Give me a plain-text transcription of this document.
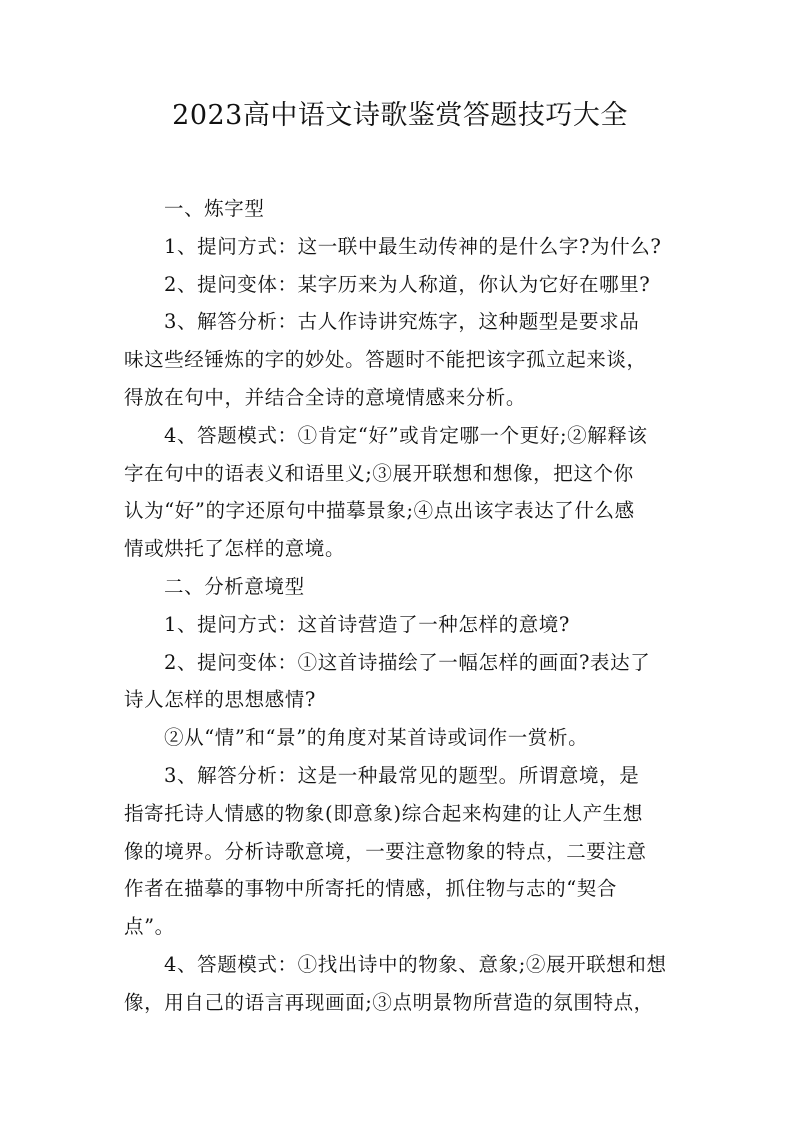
2023高中语文诗歌鉴赏答题技巧大全
一、炼字型
1、提问方式：这一联中最生动传神的是什么字?为什么?
2、提问变体：某字历来为人称道，你认为它好在哪里?
3、解答分析：古人作诗讲究炼字，这种题型是要求品
味这些经锤炼的字的妙处。答题时不能把该字孤立起来谈，
得放在句中，并结合全诗的意境情感来分析。
4、答题模式：①肯定“好”或肯定哪一个更好;②解释该
字在句中的语表义和语里义;③展开联想和想像，把这个你
认为“好”的字还原句中描摹景象;④点出该字表达了什么感
情或烘托了怎样的意境。
二、分析意境型
1、提问方式：这首诗营造了一种怎样的意境?
2、提问变体：①这首诗描绘了一幅怎样的画面?表达了
诗人怎样的思想感情?
②从“情”和“景”的角度对某首诗或词作一赏析。
3、解答分析：这是一种最常见的题型。所谓意境，是
指寄托诗人情感的物象(即意象)综合起来构建的让人产生想
像的境界。分析诗歌意境，一要注意物象的特点，二要注意
作者在描摹的事物中所寄托的情感，抓住物与志的“契合
点”。
4、答题模式：①找出诗中的物象、意象;②展开联想和想
像，用自己的语言再现画面;③点明景物所营造的氛围特点，
